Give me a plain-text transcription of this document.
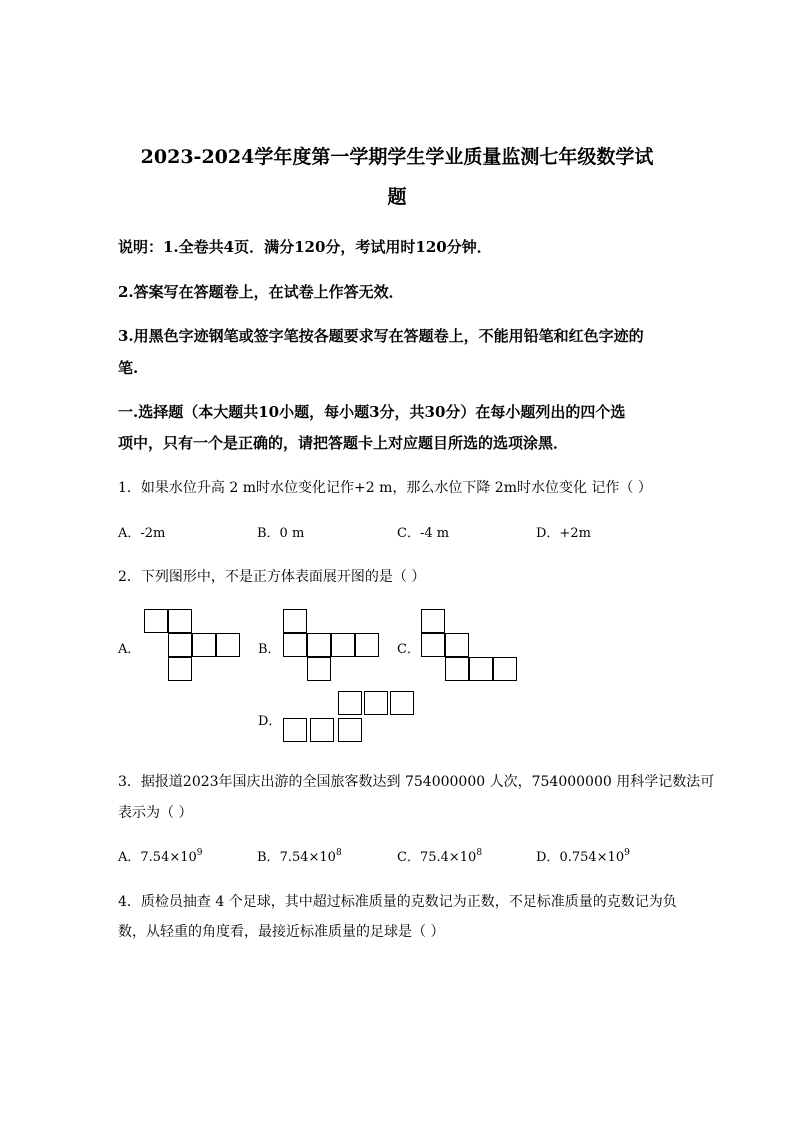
2023-2024学年度第一学期学生学业质量监测七年级数学试
题
说明：1.全卷共4页．满分120分，考试用时120分钟．
2.答案写在答题卷上，在试卷上作答无效．
3.用黑色字迹钢笔或签字笔按各题要求写在答题卷上，不能用铅笔和红色字迹的
笔.
一.选择题（本大题共10小题，每小题3分，共30分）在每小题列出的四个选
项中，只有一个是正确的，请把答题卡上对应题目所选的选项涂黑．
1．如果水位升高 2 m时水位变化记作+2 m，那么水位下降 2m时水位变化 记作（ ）
A．-2m	B．0 m	C．-4 m	D．+2m
2．下列图形中，不是正方体表面展开图的是（ ）
A．	B．	C．
D．
3．据报道2023年国庆出游的全国旅客数达到 754000000 人次，754000000 用科学记数法可
表示为（ ）
A．$7.54\times 10^9$	B．$7.54\times 10^8$	C．$75.4\times 10^8$	D．$0.754\times 10^9$
4．质检员抽查 4 个足球，其中超过标准质量的克数记为正数，不足标准质量的克数记为负
数，从轻重的角度看，最接近标准质量的足球是（ ）
